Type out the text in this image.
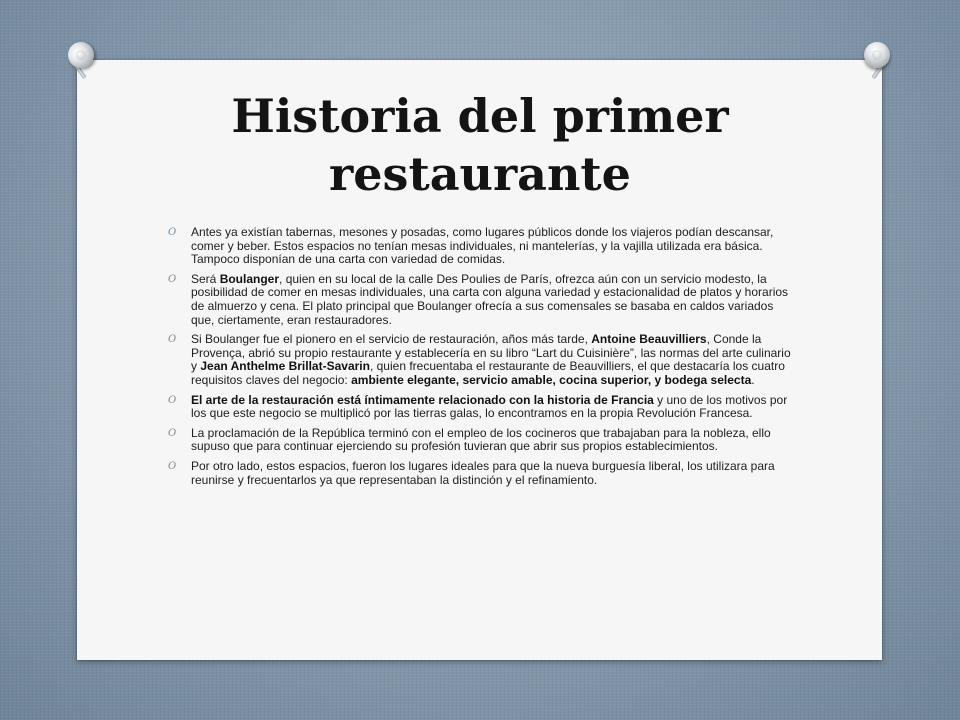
Historia del primer restaurante
O Antes ya existían tabernas, mesones y posadas, como lugares públicos donde los viajeros podían descansar, comer y beber. Estos espacios no tenían mesas individuales, ni mantelerías, y la vajilla utilizada era básica. Tampoco disponían de una carta con variedad de comidas.
O Será Boulanger, quien en su local de la calle Des Poulies de París, ofrezca aún con un servicio modesto, la posibilidad de comer en mesas individuales, una carta con alguna variedad y estacionalidad de platos y horarios de almuerzo y cena. El plato principal que Boulanger ofrecía a sus comensales se basaba en caldos variados que, ciertamente, eran restauradores.
O Si Boulanger fue el pionero en el servicio de restauración, años más tarde, Antoine Beauvilliers, Conde la Provença, abrió su propio restaurante y establecería en su libro “Lart du Cuisinière”, las normas del arte culinario y Jean Anthelme Brillat-Savarin, quien frecuentaba el restaurante de Beauvilliers, el que destacaría los cuatro requisitos claves del negocio: ambiente elegante, servicio amable, cocina superior, y bodega selecta.
O El arte de la restauración está íntimamente relacionado con la historia de Francia y uno de los motivos por los que este negocio se multiplicó por las tierras galas, lo encontramos en la propia Revolución Francesa.
O La proclamación de la República terminó con el empleo de los cocineros que trabajaban para la nobleza, ello supuso que para continuar ejerciendo su profesión tuvieran que abrir sus propios establecimientos.
O Por otro lado, estos espacios, fueron los lugares ideales para que la nueva burguesía liberal, los utilizara para reunirse y frecuentarlos ya que representaban la distinción y el refinamiento.
